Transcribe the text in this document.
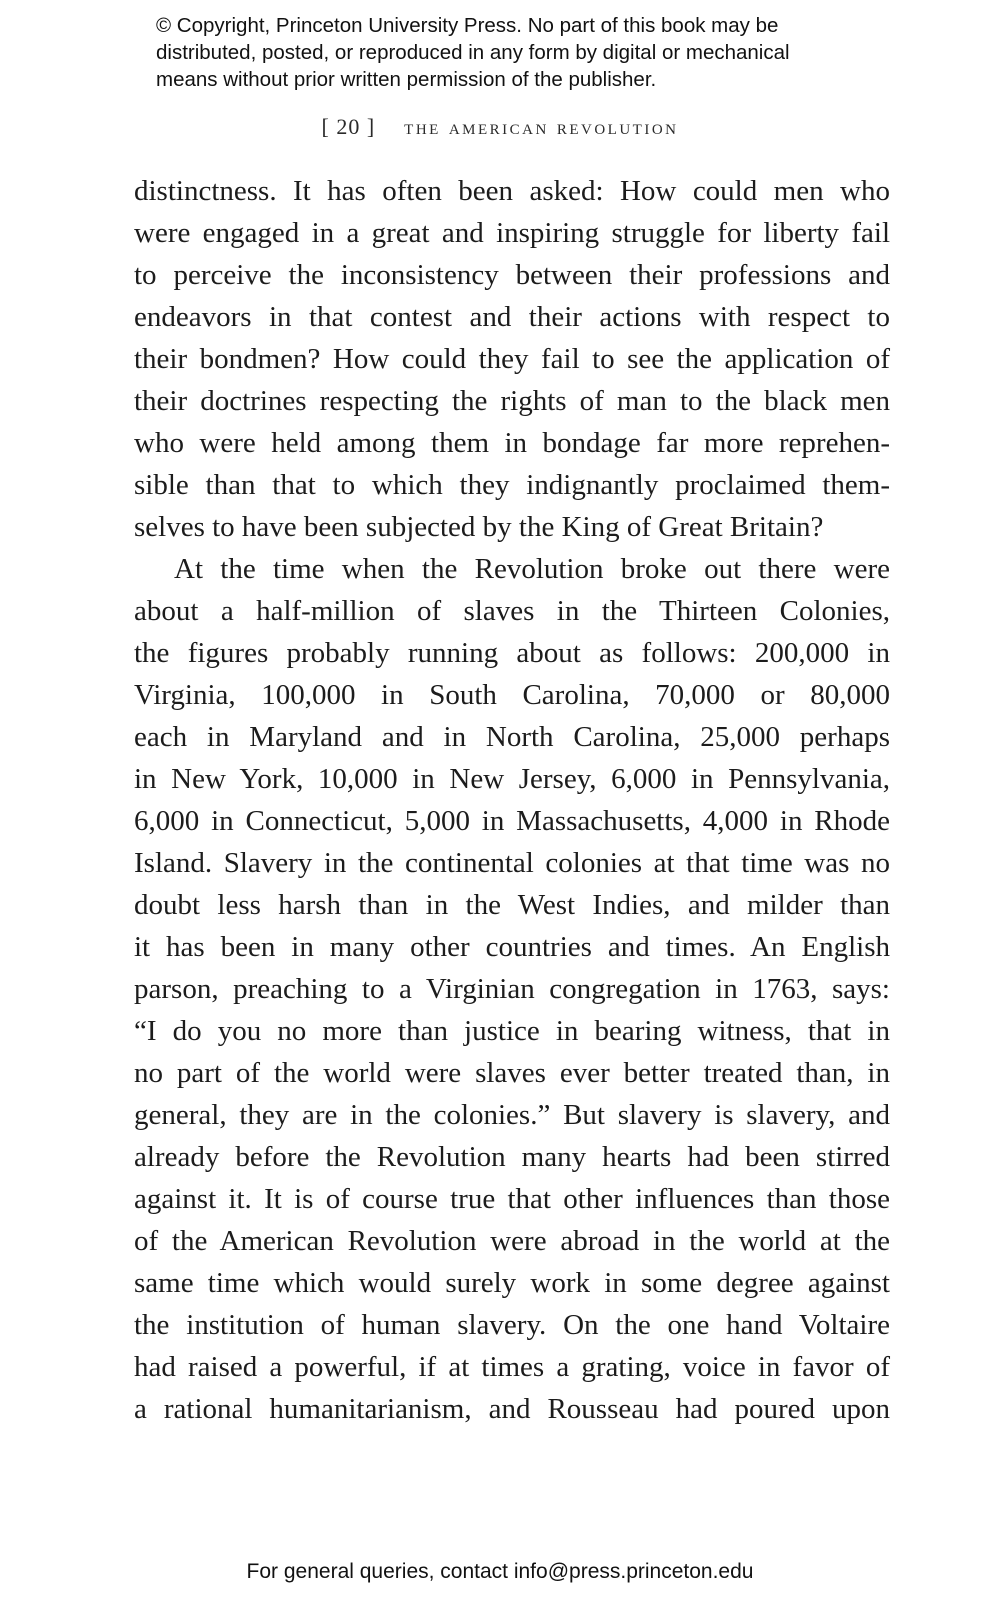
© Copyright, Princeton University Press. No part of this book may be
distributed, posted, or reproduced in any form by digital or mechanical
means without prior written permission of the publisher.
[ 20 ] the american revolution
distinctness. It has often been asked: How could men who
were engaged in a great and inspiring struggle for liberty fail
to perceive the inconsistency between their professions and
endeavors in that contest and their actions with respect to
their bondmen? How could they fail to see the application of
their doctrines respecting the rights of man to the black men
who were held among them in bondage far more reprehen-
sible than that to which they indignantly proclaimed them-
selves to have been subjected by the King of Great Britain?
At the time when the Revolution broke out there were
about a half-million of slaves in the Thirteen Colonies,
the figures probably running about as follows: 200,000 in
Virginia, 100,000 in South Carolina, 70,000 or 80,000
each in Maryland and in North Carolina, 25,000 perhaps
in New York, 10,000 in New Jersey, 6,000 in Pennsylvania,
6,000 in Connecticut, 5,000 in Massachusetts, 4,000 in Rhode
Island. Slavery in the continental colonies at that time was no
doubt less harsh than in the West Indies, and milder than
it has been in many other countries and times. An English
parson, preaching to a Virginian congregation in 1763, says:
“I do you no more than justice in bearing witness, that in
no part of the world were slaves ever better treated than, in
general, they are in the colonies.” But slavery is slavery, and
already before the Revolution many hearts had been stirred
against it. It is of course true that other influences than those
of the American Revolution were abroad in the world at the
same time which would surely work in some degree against
the institution of human slavery. On the one hand Voltaire
had raised a powerful, if at times a grating, voice in favor of
a rational humanitarianism, and Rousseau had poured upon
For general queries, contact info@press.princeton.edu
